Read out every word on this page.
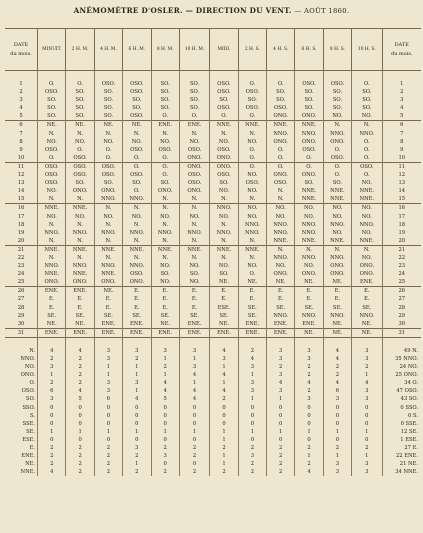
ANÉMOMÈTRE D'OSLER. — DIRECTION DU VENT. — AOÛT 1860.
DATE
du mois.	MINUIT.	2 H. M.	4 H. M.	6 H. M.	8 H. M.	10 H. M.	MIDI.	2 H. S.	4 H. S.	6 H. S.	8 H. S.	10 H. S.	DATE
du mois.

1	O.	O.	OSO.	OSO.	SO.	SO.	OSO.	O.	O.	OSO.	OSO.	O.	1
2	OSO.	SO.	SO.	OSO.	SO.	SO.	OSO.	OSO.	SO.	SO.	SO.	SO.	2
3	SO.	SO.	SO.	SO.	SO.	SO.	SO.	SO.	SO.	SO.	SO.	SO.	3
4	SO.	SO.	SO.	SO.	SO.	SO.	OSO.	OSO.	OSO.	SO.	SO.	SO.	4
5	SO.	SO.	SO.	OSO.	O.	O.	O.	O.	ONO.	ONO.	NO.	NO.	5
6	NE.	NE.	NE.	NE.	ENE.	ENE.	NNE.	NNE.	NNE.	NNE.	N.	N.	6
7	N.	N.	N.	N.	N.	N.	N.	N.	NNO.	NNO.	NNO.	NNO.	7
8	NO.	NO.	NO.	NO.	NO.	NO.	NO.	NO.	ONO.	ONO.	ONO.	O.	8
9	OSO.	O.	O.	OSO.	OSO.	OSO.	OSO.	O.	O.	OSO.	O.	O.	9
10	O.	OSO.	O.	O.	O.	ONO.	ONO.	O.	O.	O.	OSO.	O.	10
11	OSO.	OSO.	OSO.	O.	O.	ONO.	ONO.	O.	O.	O.	O.	OSO.	11
12	OSO.	OSO.	OSO.	OSO.	O.	OSO.	OSO.	NO.	ONO.	ONO.	O.	O.	12
13	OSO.	SO.	SO.	SO.	SO.	OSO.	SO.	OSO.	OSO.	SO.	SO.	NO.	13
14	NO.	ONO.	ONO.	O.	ONO.	ONO.	NO.	NO.	N.	NNE.	NNE.	NNE.	14
15	N.	N.	NNO.	NNO.	N.	N.	N.	N.	N.	NNE.	NNE.	NNE.	15
16	NNE.	NNE.	N.	N.	N.	N.	NNO.	NO.	NO.	NO.	NO.	NO.	16
17	NO.	NO.	NO.	NO.	NO.	NO.	NO.	NO.	NO.	NO.	NO.	NO.	17
18	N.	N.	N.	N.	N.	N.	N.	NNO.	NNO.	NNO.	NNO.	NNO.	18
19	NNO.	NNO.	NNO.	NNO.	NNO.	NNO.	NNO.	NNO.	NNO.	NNO.	NO.	NO.	19
20	N.	N.	N.	N.	N.	N.	N.	N.	NNE.	NNE.	NNE.	NNE.	20
21	NNE.	NNE.	NNE.	NNE.	NNE.	NNE.	NNE.	NNE.	N.	N.	N.	N.	21
22	N.	N.	N.	N.	N.	N.	N.	N.	NNO.	NNO.	NNO.	NO.	22
23	NNO.	NNO.	NNO.	NNO.	NO.	NO.	NO.	NO.	NO.	NO.	ONO.	ONO.	23
24	NNE.	NNE.	NNE.	OSO.	SO.	SO.	SO.	O.	ONO.	ONO.	ONO.	ONO.	24
25	ONO.	ONO.	ONO.	ONO.	NO.	NO.	NE.	NE.	NE.	NE.	NE.	ENE.	25
26	ENE.	ENE.	NE.	E.	E.	E.	E.	E.	E.	E.	E.	E.	26
27	E.	E.	E.	E.	E.	E.	E.	E.	E.	E.	E.	E.	27
28	E.	E.	E.	E.	E.	E.	ESE.	SE.	SE.	SE.	SE.	SE.	28
29	SE.	SE.	SE.	SE.	SE.	SE.	SE.	SE.	NNO.	NNO.	NNO.	NNO.	29
30	NE.	NE.	ENE.	ENE.	NE.	ENE.	NE.	ENE.	ENE.	ENE.	NE.	NE.	30
31	ENE.	ENE.	ENE.	ENE.	ENE.	ENE.	ENE.	ENE.	ENE.	NE.	NE.	NE.	31

N.	4	4	3	3	3	3	4	2	3	3	4	3	49 N.
NNO.	2	2	3	2	1	1	3	4	3	3	4	3	35 NNO.
NO.	3	2	1	1	2	3	1	3	2	2	2	2	24 NO.
ONO.	1	2	1	1	1	4	4	1	3	2	2	1	25 ONO.
O.	2	2	3	3	4	1	1	3	4	4	4	4	34 O.
OSO.	6	4	3	1	4	4	4	3	3	2	6	3	47 OSO.
SO.	3	5	6	4	5	4	2	1	1	3	3	3	43 SO.
SSO.	0	0	0	0	0	0	0	0	0	0	0	0	0 SSO.
S.	0	0	0	0	0	0	0	0	0	0	0	0	0 S.
SSE.	0	0	0	0	0	0	0	0	0	0	0	0	0 SSE.
SE.	1	1	1	1	1	1	1	1	1	1	1	1	12 SE.
ESE.	0	0	0	0	0	0	1	0	0	0	0	0	1 ESE.
E.	2	2	2	3	2	2	2	2	2	2	2	2	27 E.
ENE.	2	2	2	2	3	2	1	3	2	1	1	1	22 ENE.
NE.	2	2	2	1	0	0	1	2	2	2	3	3	21 NE.
NNE.	4	2	2	2	2	2	2	2	2	4	3	3	34 NNE.
